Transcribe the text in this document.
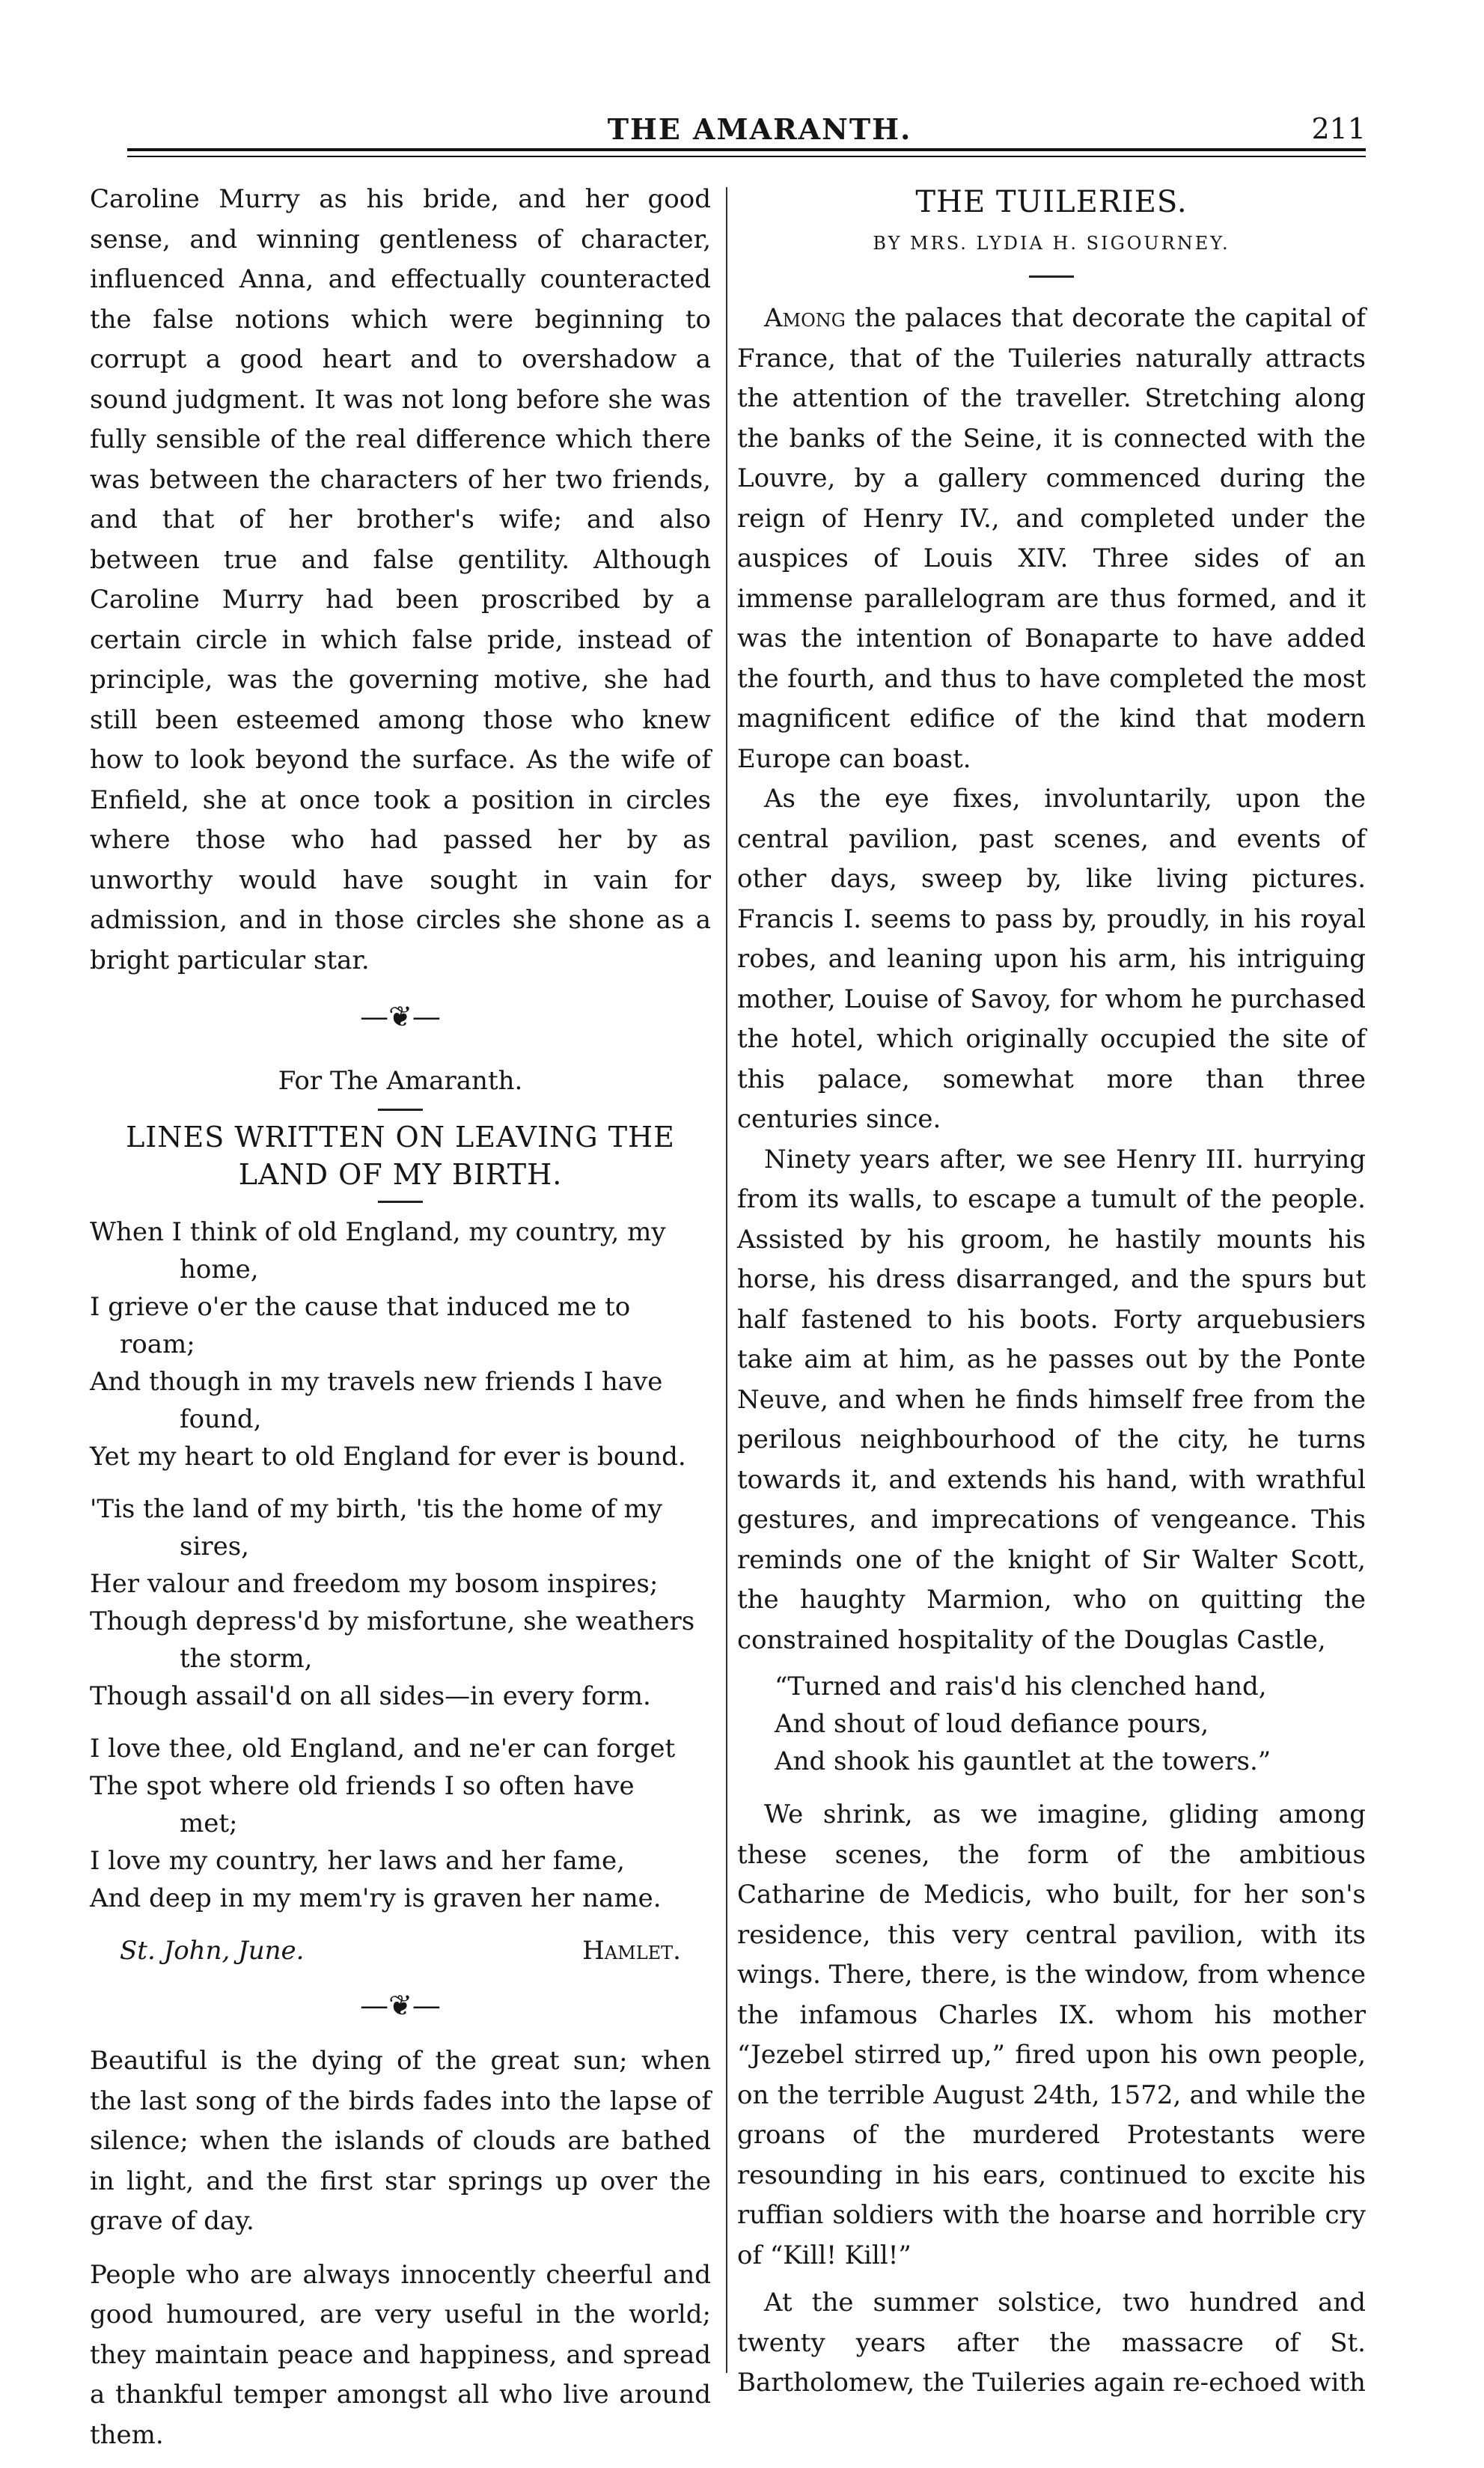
THE AMARANTH.	211

Caroline Murry as his bride, and her good sense, and winning gentleness of character, influenced Anna, and effectually counteracted the false notions which were beginning to corrupt a good heart and to overshadow a sound judgment. It was not long before she was fully sensible of the real difference which there was between the characters of her two friends, and that of her brother's wife; and also between true and false gentility. Although Caroline Murry had been proscribed by a certain circle in which false pride, instead of principle, was the governing motive, she had still been esteemed among those who knew how to look beyond the surface. As the wife of Enfield, she at once took a position in circles where those who had passed her by as unworthy would have sought in vain for admission, and in those circles she shone as a bright particular star.

—❦—
For The Amaranth.
LINES WRITTEN ON LEAVING THE LAND OF MY BIRTH.
When I think of old England, my country, my
home,
I grieve o'er the cause that induced me to roam;
And though in my travels new friends I have
found,
Yet my heart to old England for ever is bound.
'Tis the land of my birth, 'tis the home of my
sires,
Her valour and freedom my bosom inspires;
Though depress'd by misfortune, she weathers
the storm,
Though assail'd on all sides—in every form.
I love thee, old England, and ne'er can forget
The spot where old friends I so often have
met;
I love my country, her laws and her fame,
And deep in my mem'ry is graven her name.
St. John, June.	Hamlet.
—❦—

Beautiful is the dying of the great sun; when the last song of the birds fades into the lapse of silence; when the islands of clouds are bathed in light, and the first star springs up over the grave of day.

People who are always innocently cheerful and good humoured, are very useful in the world; they maintain peace and happiness, and spread a thankful temper amongst all who live around them.

THE TUILERIES.
BY MRS. LYDIA H. SIGOURNEY.

Among the palaces that decorate the capital of France, that of the Tuileries naturally attracts the attention of the traveller. Stretching along the banks of the Seine, it is connected with the Louvre, by a gallery commenced during the reign of Henry IV., and completed under the auspices of Louis XIV. Three sides of an immense parallelogram are thus formed, and it was the intention of Bonaparte to have added the fourth, and thus to have completed the most magnificent edifice of the kind that modern Europe can boast.

As the eye fixes, involuntarily, upon the central pavilion, past scenes, and events of other days, sweep by, like living pictures. Francis I. seems to pass by, proudly, in his royal robes, and leaning upon his arm, his intriguing mother, Louise of Savoy, for whom he purchased the hotel, which originally occupied the site of this palace, somewhat more than three centuries since.

Ninety years after, we see Henry III. hurrying from its walls, to escape a tumult of the people. Assisted by his groom, he hastily mounts his horse, his dress disarranged, and the spurs but half fastened to his boots. Forty arquebusiers take aim at him, as he passes out by the Ponte Neuve, and when he finds himself free from the perilous neighbourhood of the city, he turns towards it, and extends his hand, with wrathful gestures, and imprecations of vengeance. This reminds one of the knight of Sir Walter Scott, the haughty Marmion, who on quitting the constrained hospitality of the Douglas Castle,

“Turned and rais'd his clenched hand,
And shout of loud defiance pours,
And shook his gauntlet at the towers.”

We shrink, as we imagine, gliding among these scenes, the form of the ambitious Catharine de Medicis, who built, for her son's residence, this very central pavilion, with its wings. There, there, is the window, from whence the infamous Charles IX. whom his mother “Jezebel stirred up,” fired upon his own people, on the terrible August 24th, 1572, and while the groans of the murdered Protestants were resounding in his ears, continued to excite his ruffian soldiers with the hoarse and horrible cry of “Kill! Kill!”

At the summer solstice, two hundred and twenty years after the massacre of St. Bartholomew, the Tuileries again re-echoed with
